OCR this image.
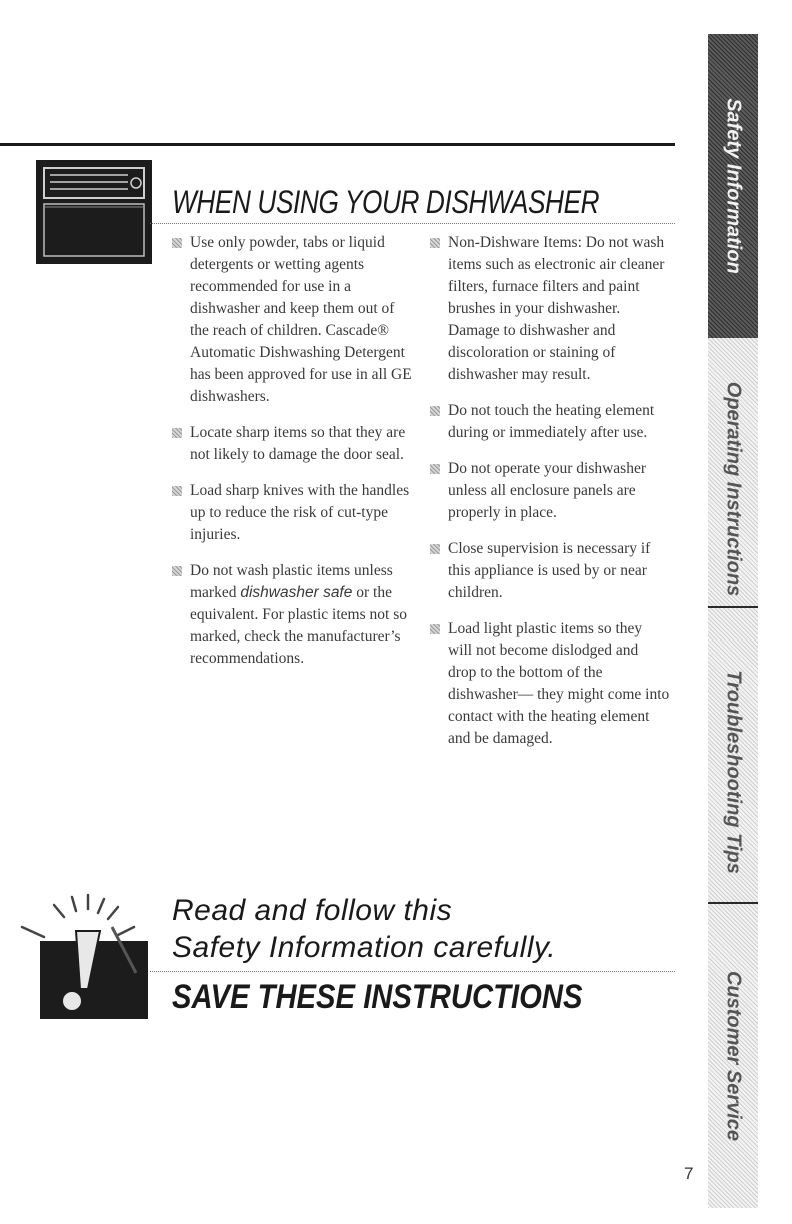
WHEN USING YOUR DISHWASHER
Use only powder, tabs or liquid detergents or wetting agents recommended for use in a dishwasher and keep them out of the reach of children. Cascade® Automatic Dishwashing Detergent has been approved for use in all GE dishwashers.
Locate sharp items so that they are not likely to damage the door seal.
Load sharp knives with the handles up to reduce the risk of cut-type injuries.
Do not wash plastic items unless marked dishwasher safe or the equivalent. For plastic items not so marked, check the manufacturer’s recommendations.
Non-Dishware Items: Do not wash items such as electronic air cleaner filters, furnace filters and paint brushes in your dishwasher. Damage to dishwasher and discoloration or staining of dishwasher may result.
Do not touch the heating element during or immediately after use.
Do not operate your dishwasher unless all enclosure panels are properly in place.
Close supervision is necessary if this appliance is used by or near children.
Load light plastic items so they will not become dislodged and drop to the bottom of the dishwasher— they might come into contact with the heating element and be damaged.

Read and follow this

Safety Information carefully.

SAVE THESE INSTRUCTIONS

7
Safety Information
Operating Instructions
Troubleshooting Tips
Customer Service
